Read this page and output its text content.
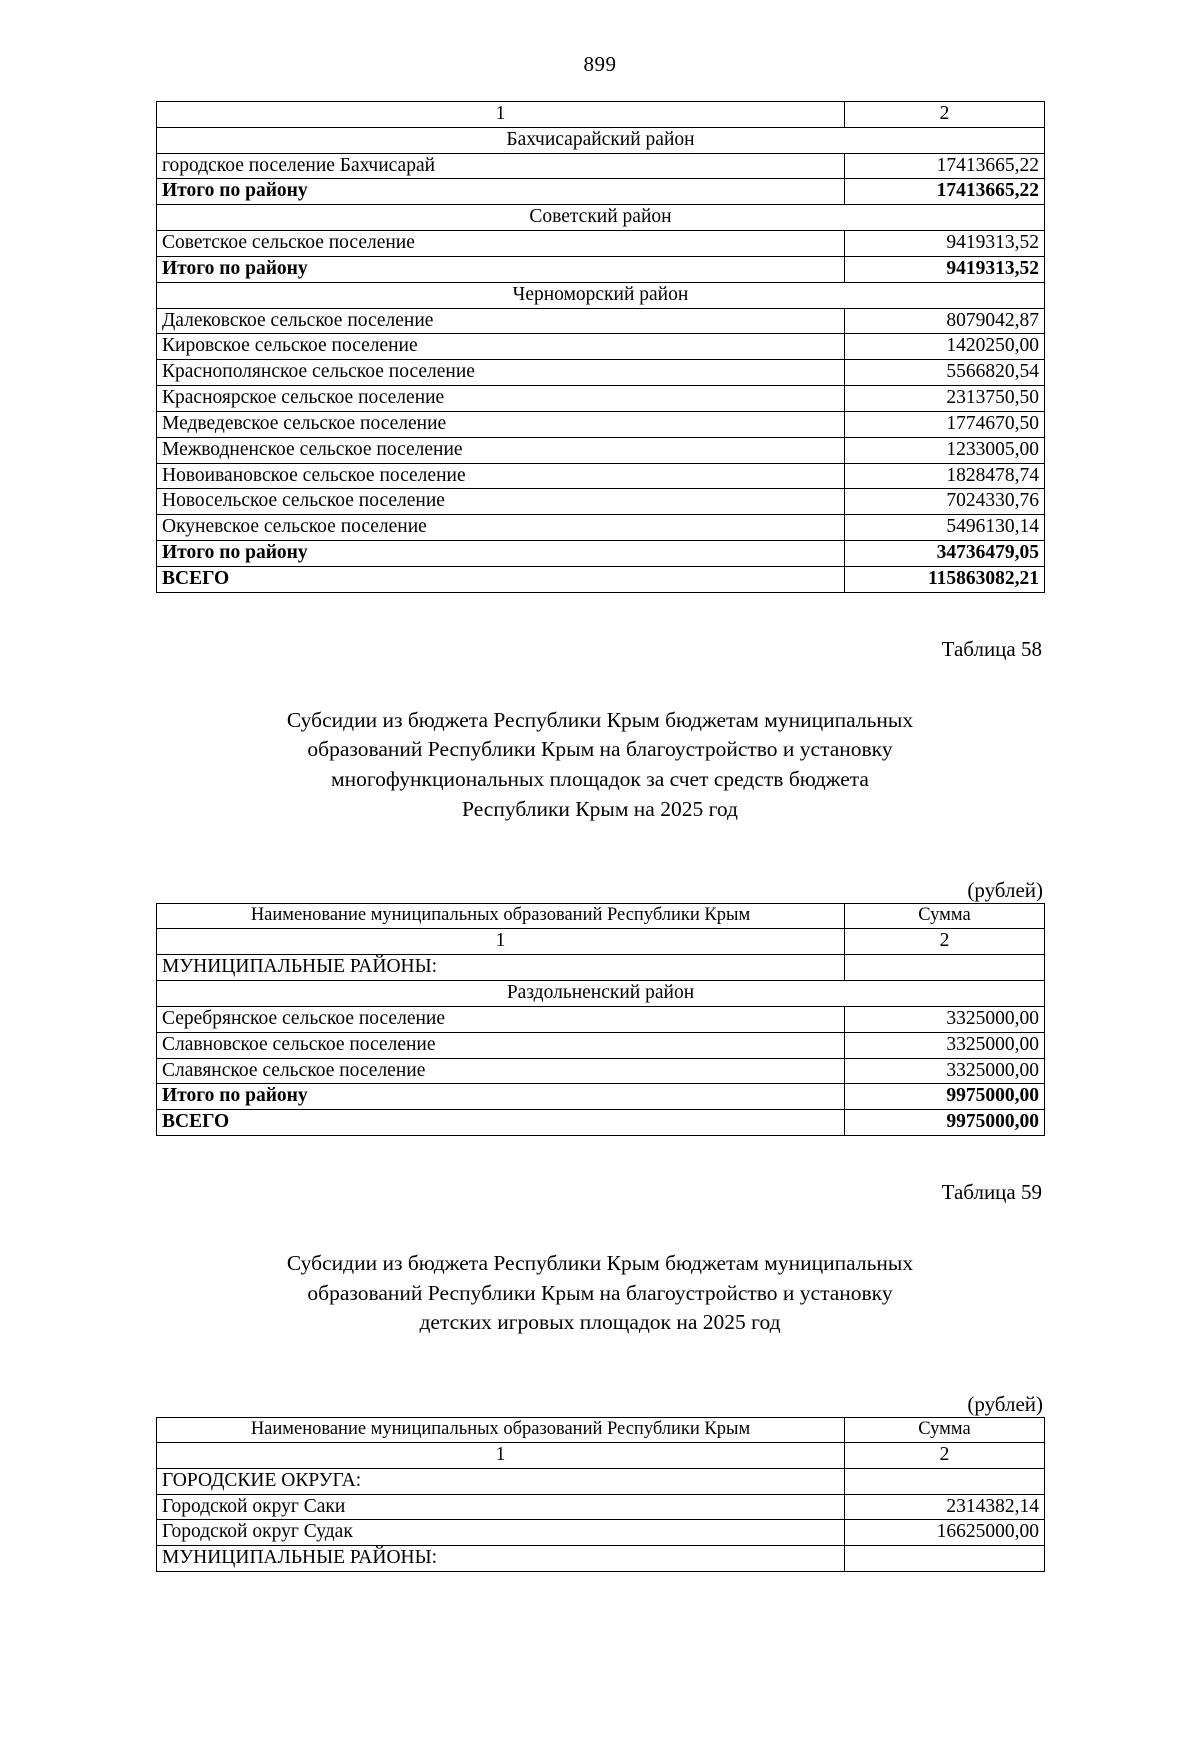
899
1	2
Бахчисарайский район	
городское поселение Бахчисарай	17413665,22
Итого по району	17413665,22
Советский район	
Советское сельское поселение	9419313,52
Итого по району	9419313,52
Черноморский район	
Далековское сельское поселение	8079042,87
Кировское сельское поселение	1420250,00
Краснополянское сельское поселение	5566820,54
Красноярское сельское поселение	2313750,50
Медведевское сельское поселение	1774670,50
Межводненское сельское поселение	1233005,00
Новоивановское сельское поселение	1828478,74
Новосельское сельское поселение	7024330,76
Окуневское сельское поселение	5496130,14
Итого по району	34736479,05
ВСЕГО	115863082,21
Таблица 58
Субсидии из бюджета Республики Крым бюджетам муниципальных
образований Республики Крым на благоустройство и установку
многофункциональных площадок за счет средств бюджета
Республики Крым на 2025 год
(рублей)
Наименование муниципальных образований Республики Крым	Сумма
1	2
МУНИЦИПАЛЬНЫЕ РАЙОНЫ:	
Раздольненский район	
Серебрянское сельское поселение	3325000,00
Славновское сельское поселение	3325000,00
Славянское сельское поселение	3325000,00
Итого по району	9975000,00
ВСЕГО	9975000,00
Таблица 59
Субсидии из бюджета Республики Крым бюджетам муниципальных
образований Республики Крым на благоустройство и установку
детских игровых площадок на 2025 год
(рублей)
Наименование муниципальных образований Республики Крым	Сумма
1	2
ГОРОДСКИЕ ОКРУГА:	
Городской округ Саки	2314382,14
Городской округ Судак	16625000,00
МУНИЦИПАЛЬНЫЕ РАЙОНЫ:	
